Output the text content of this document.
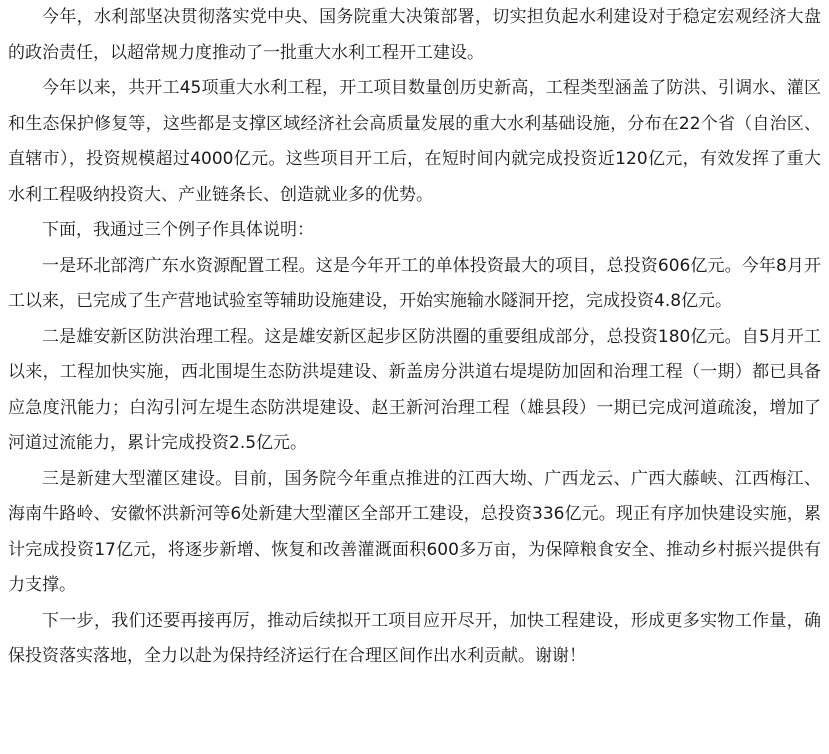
今年，水利部坚决贯彻落实党中央、国务院重大决策部署，切实担负起水利建设对于稳定宏观经济大盘的政治责任，以超常规力度推动了一批重大水利工程开工建设。

今年以来，共开工45项重大水利工程，开工项目数量创历史新高，工程类型涵盖了防洪、引调水、灌区和生态保护修复等，这些都是支撑区域经济社会高质量发展的重大水利基础设施，分布在22个省（自治区、直辖市），投资规模超过4000亿元。这些项目开工后，在短时间内就完成投资近120亿元，有效发挥了重大水利工程吸纳投资大、产业链条长、创造就业多的优势。

下面，我通过三个例子作具体说明：

一是环北部湾广东水资源配置工程。这是今年开工的单体投资最大的项目，总投资606亿元。今年8月开工以来，已完成了生产营地试验室等辅助设施建设，开始实施输水隧洞开挖，完成投资4.8亿元。

二是雄安新区防洪治理工程。这是雄安新区起步区防洪圈的重要组成部分，总投资180亿元。自5月开工以来，工程加快实施，西北围堤生态防洪堤建设、新盖房分洪道右堤堤防加固和治理工程（一期）都已具备应急度汛能力；白沟引河左堤生态防洪堤建设、赵王新河治理工程（雄县段）一期已完成河道疏浚，增加了河道过流能力，累计完成投资2.5亿元。

三是新建大型灌区建设。目前，国务院今年重点推进的江西大坳、广西龙云、广西大藤峡、江西梅江、海南牛路岭、安徽怀洪新河等6处新建大型灌区全部开工建设，总投资336亿元。现正有序加快建设实施，累计完成投资17亿元，将逐步新增、恢复和改善灌溉面积600多万亩，为保障粮食安全、推动乡村振兴提供有力支撑。

下一步，我们还要再接再厉，推动后续拟开工项目应开尽开，加快工程建设，形成更多实物工作量，确保投资落实落地，全力以赴为保持经济运行在合理区间作出水利贡献。谢谢！
